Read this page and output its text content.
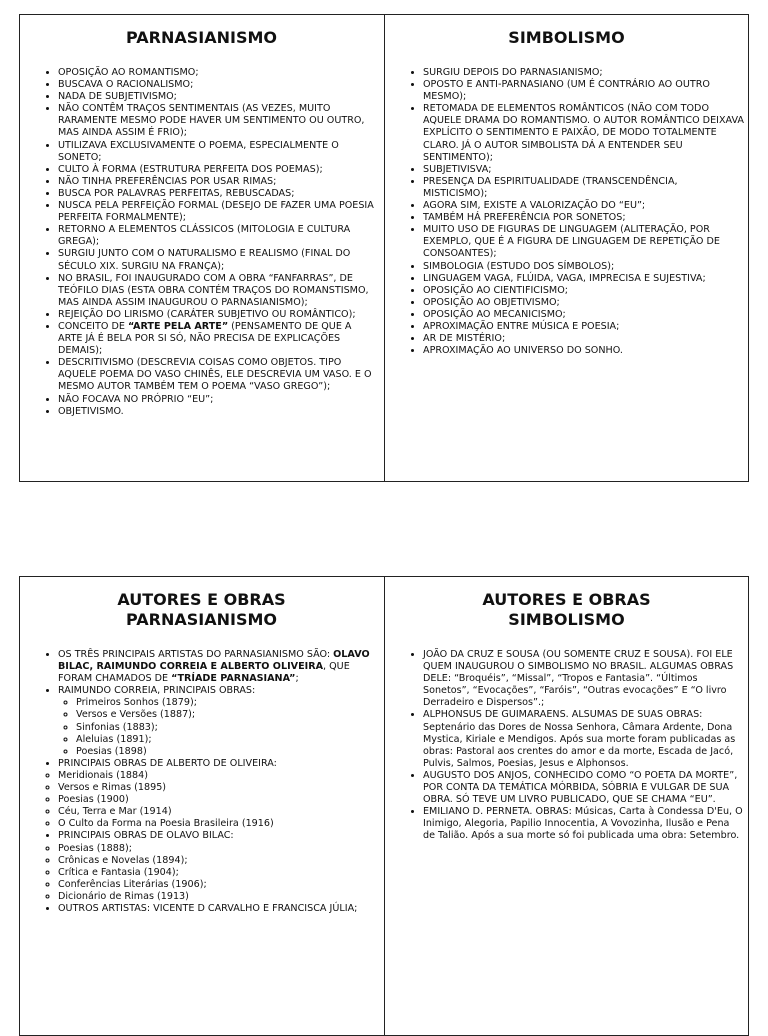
PARNASIANISMO
• OPOSIÇÃO AO ROMANTISMO;
• BUSCAVA O RACIONALISMO;
• NADA DE SUBJETIVISMO;
• NÃO CONTÊM TRAÇOS SENTIMENTAIS (AS VEZES, MUITO RARAMENTE MESMO PODE HAVER UM SENTIMENTO OU OUTRO, MAS AINDA ASSIM É FRIO);
• UTILIZAVA EXCLUSIVAMENTE O POEMA, ESPECIALMENTE O SONETO;
• CULTO À FORMA (ESTRUTURA PERFEITA DOS POEMAS);
• NÃO TINHA PREFERÊNCIAS POR USAR RIMAS;
• BUSCA POR PALAVRAS PERFEITAS, REBUSCADAS;
• NUSCA PELA PERFEIÇÃO FORMAL (DESEJO DE FAZER UMA POESIA PERFEITA FORMALMENTE);
• RETORNO A ELEMENTOS CLÁSSICOS (MITOLOGIA E CULTURA GREGA);
• SURGIU JUNTO COM O NATURALISMO E REALISMO (FINAL DO SÉCULO XIX. SURGIU NA FRANÇA);
• NO BRASIL, FOI INAUGURADO COM A OBRA “FANFARRAS”, DE TEÓFILO DIAS (ESTA OBRA CONTÉM TRAÇOS DO ROMANSTISMO, MAS AINDA ASSIM INAUGUROU O PARNASIANISMO);
• REJEIÇÃO DO LIRISMO (CARÁTER SUBJETIVO OU ROMÂNTICO);
• CONCEITO DE “ARTE PELA ARTE” (PENSAMENTO DE QUE A ARTE JÁ É BELA POR SI SÓ, NÃO PRECISA DE EXPLICAÇÕES DEMAIS);
• DESCRITIVISMO (DESCREVIA COISAS COMO OBJETOS. TIPO AQUELE POEMA DO VASO CHINÊS, ELE DESCREVIA UM VASO. E O MESMO AUTOR TAMBÉM TEM O POEMA “VASO GREGO”);
• NÃO FOCAVA NO PRÓPRIO “EU”;
• OBJETIVISMO.
SIMBOLISMO
• SURGIU DEPOIS DO PARNASIANISMO;
• OPOSTO E ANTI-PARNASIANO (UM É CONTRÁRIO AO OUTRO MESMO);
• RETOMADA DE ELEMENTOS ROMÂNTICOS (NÃO COM TODO AQUELE DRAMA DO ROMANTISMO. O AUTOR ROMÂNTICO DEIXAVA EXPLÍCITO O SENTIMENTO E PAIXÃO, DE MODO TOTALMENTE CLARO. JÁ O AUTOR SIMBOLISTA DÁ A ENTENDER SEU SENTIMENTO);
• SUBJETIVISVA;
• PRESENÇA DA ESPIRITUALIDADE (TRANSCENDÊNCIA, MISTICISMO);
• AGORA SIM, EXISTE A VALORIZAÇÃO DO “EU”;
• TAMBÉM HÁ PREFERÊNCIA POR SONETOS;
• MUITO USO DE FIGURAS DE LINGUAGEM (ALITERAÇÃO, POR EXEMPLO, QUE É A FIGURA DE LINGUAGEM DE REPETIÇÃO DE CONSOANTES);
• SIMBOLOGIA (ESTUDO DOS SÍMBOLOS);
• LINGUAGEM VAGA, FLÚIDA, VAGA, IMPRECISA E SUJESTIVA;
• OPOSIÇÃO AO CIENTIFICISMO;
• OPOSIÇÃO AO OBJETIVISMO;
• OPOSIÇÃO AO MECANICISMO;
• APROXIMAÇÃO ENTRE MÚSICA E POESIA;
• AR DE MISTÉRIO;
• APROXIMAÇÃO AO UNIVERSO DO SONHO.
AUTORES E OBRAS
PARNASIANISMO
• OS TRÊS PRINCIPAIS ARTISTAS DO PARNASIANISMO SÃO: OLAVO BILAC, RAIMUNDO CORREIA E ALBERTO OLIVEIRA, QUE FORAM CHAMADOS DE “TRÍADE PARNASIANA”;
• RAIMUNDO CORREIA, PRINCIPAIS OBRAS:
◦ Primeiros Sonhos (1879);
◦ Versos e Versões (1887);
◦ Sinfonias (1883);
◦ Aleluias (1891);
◦ Poesias (1898)
• PRINCIPAIS OBRAS DE ALBERTO DE OLIVEIRA:
◦ Meridionais (1884)
◦ Versos e Rimas (1895)
◦ Poesias (1900)
◦ Céu, Terra e Mar (1914)
◦ O Culto da Forma na Poesia Brasileira (1916)
• PRINCIPAIS OBRAS DE OLAVO BILAC:
◦ Poesias (1888);
◦ Crônicas e Novelas (1894);
◦ Crítica e Fantasia (1904);
◦ Conferências Literárias (1906);
◦ Dicionário de Rimas (1913)
• OUTROS ARTISTAS: VICENTE D CARVALHO E FRANCISCA JÚLIA;
AUTORES E OBRAS
SIMBOLISMO
• JOÃO DA CRUZ E SOUSA (OU SOMENTE CRUZ E SOUSA). FOI ELE QUEM INAUGUROU O SIMBOLISMO NO BRASIL. ALGUMAS OBRAS DELE: “Broquéis”, “Missal”, “Tropos e Fantasia”. “Últimos Sonetos”, “Evocações”, “Faróis”, “Outras evocações” E “O livro Derradeiro e Dispersos”.;
• ALPHONSUS DE GUIMARAENS. ALSUMAS DE SUAS OBRAS: Septenário das Dores de Nossa Senhora, Câmara Ardente, Dona Mystica, Kiriale e Mendigos. Após sua morte foram publicadas as obras: Pastoral aos crentes do amor e da morte, Escada de Jacó, Pulvis, Salmos, Poesias, Jesus e Alphonsos.
• AUGUSTO DOS ANJOS, CONHECIDO COMO “O POETA DA MORTE”, POR CONTA DA TEMÁTICA MÓRBIDA, SÓBRIA E VULGAR DE SUA OBRA. SÓ TEVE UM LIVRO PUBLICADO, QUE SE CHAMA “EU”.
• EMILIANO D. PERNETA. OBRAS: Músicas, Carta à Condessa D'Eu, O Inimigo, Alegoria, Papilio Innocentia, A Vovozinha, Ilusão e Pena de Talião. Após a sua morte só foi publicada uma obra: Setembro.
